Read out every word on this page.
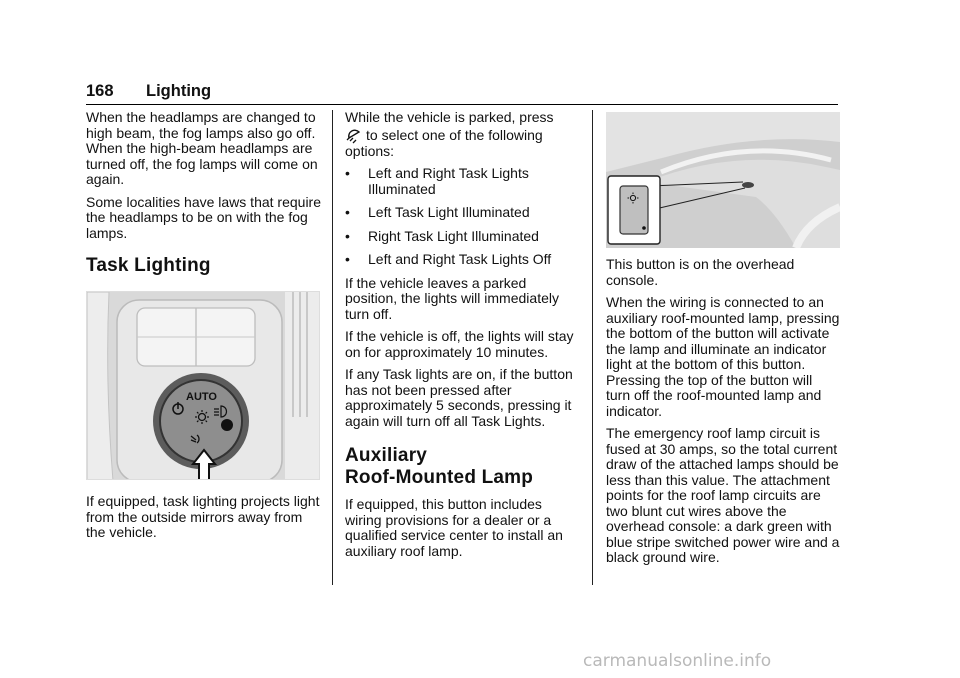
168 Lighting

When the headlamps are changed to high beam, the fog lamps also go off. When the high-beam headlamps are turned off, the fog lamps will come on again.

Some localities have laws that require the headlamps to be on with the fog lamps.

Task Lighting
AUTO

If equipped, task lighting projects light from the outside mirrors away from the vehicle.

While the vehicle is parked, press
to select one of the following options:

• Left and Right Task Lights Illuminated
• Left Task Light Illuminated
• Right Task Light Illuminated
• Left and Right Task Lights Off

If the vehicle leaves a parked position, the lights will immediately turn off.

If the vehicle is off, the lights will stay on for approximately 10 minutes.

If any Task lights are on, if the button has not been pressed after approximately 5 seconds, pressing it again will turn off all Task Lights.

Auxiliary
Roof-Mounted Lamp

If equipped, this button includes wiring provisions for a dealer or a qualified service center to install an auxiliary roof lamp.

This button is on the overhead console.

When the wiring is connected to an auxiliary roof-mounted lamp, pressing the bottom of the button will activate the lamp and illuminate an indicator light at the bottom of this button. Pressing the top of the button will turn off the roof-mounted lamp and indicator.

The emergency roof lamp circuit is fused at 30 amps, so the total current draw of the attached lamps should be less than this value. The attachment points for the roof lamp circuits are two blunt cut wires above the overhead console: a dark green with blue stripe switched power wire and a black ground wire.

carmanualsonline.info
